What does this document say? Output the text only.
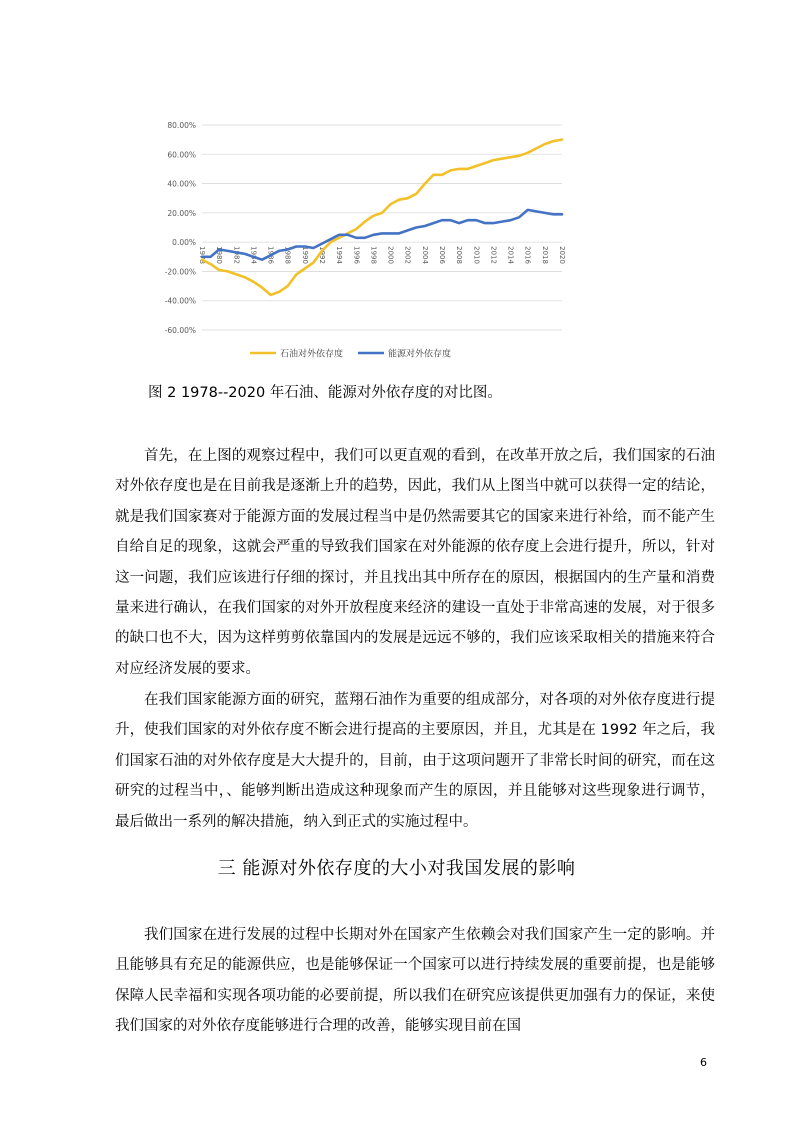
80.00%
60.00%
40.00%
20.00%
0.00%
-20.00%
-40.00%
-60.00%
1978 1980 1982 1984 1986 1988 1990 1992 1994 1996 1998 2000 2002 2004 2006 2008 2010 2012 2014 2016 2018 2020
石油对外依存度	能源对外依存度
图 2 1978--2020 年石油、能源对外依存度的对比图。

首先，在上图的观察过程中，我们可以更直观的看到，在改革开放之后，我们国家的石油对外依存度也是在目前我是逐渐上升的趋势，因此，我们从上图当中就可以获得一定的结论，就是我们国家赛对于能源方面的发展过程当中是仍然需要其它的国家来进行补给，而不能产生自给自足的现象，这就会严重的导致我们国家在对外能源的依存度上会进行提升，所以，针对这一问题，我们应该进行仔细的探讨，并且找出其中所存在的原因，根据国内的生产量和消费量来进行确认，在我们国家的对外开放程度来经济的建设一直处于非常高速的发展，对于很多的缺口也不大，因为这样剪剪依靠国内的发展是远远不够的，我们应该采取相关的措施来符合对应经济发展的要求。

在我们国家能源方面的研究，蓝翔石油作为重要的组成部分，对各项的对外依存度进行提升，使我们国家的对外依存度不断会进行提高的主要原因，并且，尤其是在 1992 年之后，我们国家石油的对外依存度是大大提升的，目前，由于这项问题开了非常长时间的研究，而在这研究的过程当中，、能够判断出造成这种现象而产生的原因，并且能够对这些现象进行调节，最后做出一系列的解决措施，纳入到正式的实施过程中。

三 能源对外依存度的大小对我国发展的影响

我们国家在进行发展的过程中长期对外在国家产生依赖会对我们国家产生一定的影响。并且能够具有充足的能源供应，也是能够保证一个国家可以进行持续发展的重要前提，也是能够保障人民幸福和实现各项功能的必要前提，所以我们在研究应该提供更加强有力的保证，来使我们国家的对外依存度能够进行合理的改善，能够实现目前在国

6
